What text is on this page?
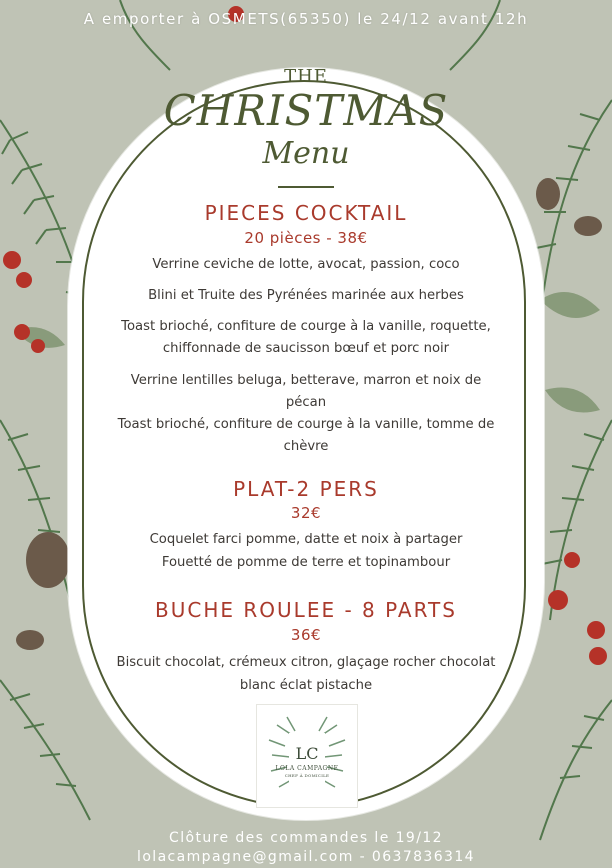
A emporter à OSMETS(65350) le 24/12 avant 12h
THE
CHRISTMAS
Menu
PIECES COCKTAIL
20 pièces - 38€
Verrine ceviche de lotte, avocat, passion, coco
Blini et Truite des Pyrénées marinée aux herbes
Toast brioché, confiture de courge à la vanille, roquette,
chiffonnade de saucisson bœuf et porc noir
Verrine lentilles beluga, betterave, marron et noix de
pécan
Toast brioché, confiture de courge à la vanille, tomme de
chèvre
PLAT-2 PERS
32€
Coquelet farci pomme, datte et noix à partager
Fouetté de pomme de terre et topinambour
BUCHE ROULEE - 8 PARTS
36€
Biscuit chocolat, crémeux citron, glaçage rocher chocolat
blanc éclat pistache
LC
LOLA CAMPAGNE
CHEF À DOMICILE
Clôture des commandes le 19/12
lolacampagne@gmail.com - 0637836314
